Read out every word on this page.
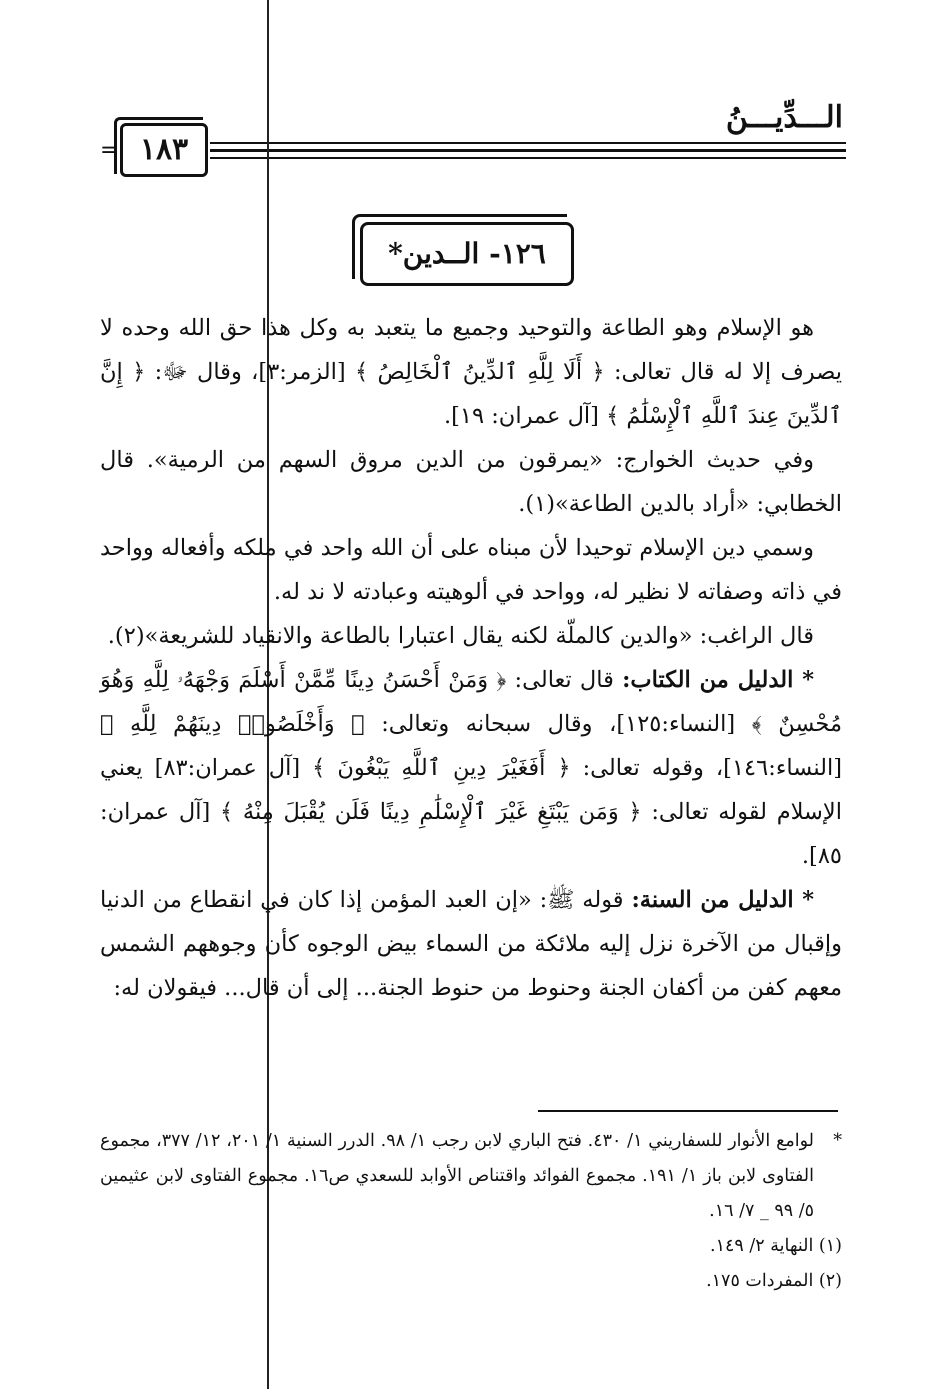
الـــدِّيـــنُ
= ١٨٣
١٢٦- الــدين*

هو الإسلام وهو الطاعة والتوحيد وجميع ما يتعبد به وكل هذا حق الله وحده لا يصرف إلا له قال تعالى: ﴿ أَلَا لِلَّهِ ٱلدِّينُ ٱلْخَالِصُ ﴾ [الزمر:٣]، وقال ﷻ: ﴿ إِنَّ ٱلدِّينَ عِندَ ٱللَّهِ ٱلْإِسْلَٰمُ ﴾ [آل عمران: ١٩].

وفي حديث الخوارج: «يمرقون من الدين مروق السهم من الرمية». قال الخطابي: «أراد بالدين الطاعة»(١).

وسمي دين الإسلام توحيدا لأن مبناه على أن الله واحد في ملكه وأفعاله وواحد في ذاته وصفاته لا نظير له، وواحد في ألوهيته وعبادته لا ند له.

قال الراغب: «والدين كالملّة لكنه يقال اعتبارا بالطاعة والانقياد للشريعة»(٢).

* الدليل من الكتاب: قال تعالى: ﴿ وَمَنْ أَحْسَنُ دِينًا مِّمَّنْ أَسْلَمَ وَجْهَهُۥ لِلَّهِ وَهُوَ مُحْسِنٌ ﴾ [النساء:١٢٥]، وقال سبحانه وتعالى: ﴿ وَأَخْلَصُوا۟ دِينَهُمْ لِلَّهِ ﴾ [النساء:١٤٦]، وقوله تعالى: ﴿ أَفَغَيْرَ دِينِ ٱللَّهِ يَبْغُونَ ﴾ [آل عمران:٨٣] يعني الإسلام لقوله تعالى: ﴿ وَمَن يَبْتَغِ غَيْرَ ٱلْإِسْلَٰمِ دِينًا فَلَن يُقْبَلَ مِنْهُ ﴾ [آل عمران: ٨٥].

* الدليل من السنة: قوله ﷺ: «إن العبد المؤمن إذا كان في انقطاع من الدنيا وإقبال من الآخرة نزل إليه ملائكة من السماء بيض الوجوه كأن وجوههم الشمس معهم كفن من أكفان الجنة وحنوط من حنوط الجنة... إلى أن قال... فيقولان له:

*لوامع الأنوار للسفاريني ١/ ٤٣٠. فتح الباري لابن رجب ١/ ٩٨. الدرر السنية ١/ ٢٠١، ١٢/ ٣٧٧، مجموع الفتاوى لابن باز ١/ ١٩١. مجموع الفوائد واقتناص الأوابد للسعدي ص١٦. مجموع الفتاوى لابن عثيمين ٥/ ٩٩ _ ٧/ ١٦.

(١) النهاية ٢/ ١٤٩.

(٢) المفردات ١٧٥.
